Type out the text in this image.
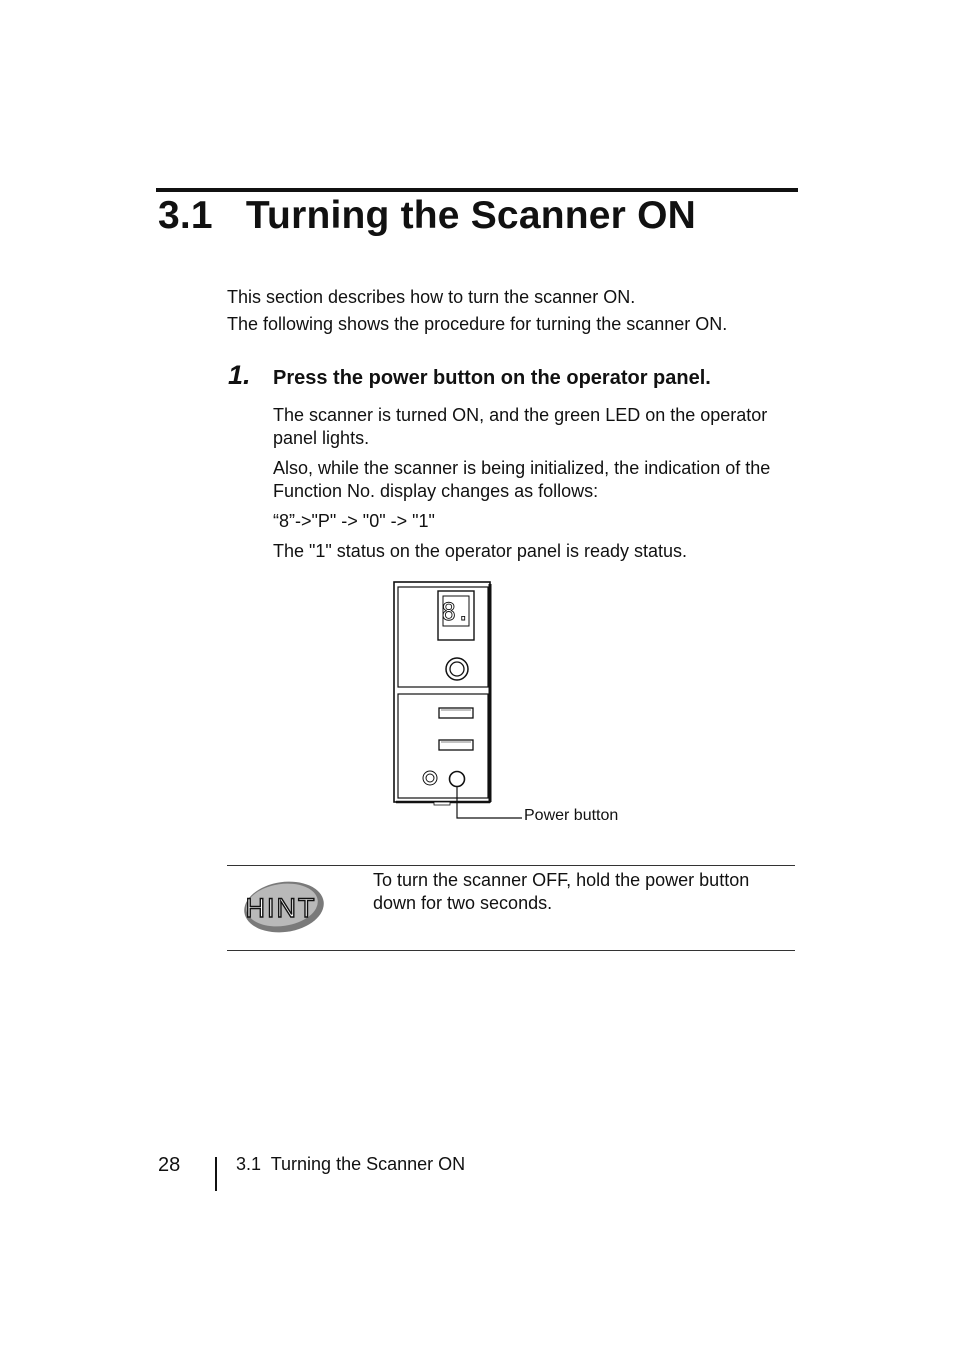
3.1   Turning the Scanner ON

This section describes how to turn the scanner ON.

The following shows the procedure for turning the scanner ON.

1. Press the power button on the operator panel.

The scanner is turned ON, and the green LED on the operator panel lights.

Also, while the scanner is being initialized, the indication of the Function No. display changes as follows:

“8”->"P" -> "0" -> "1"

The "1" status on the operator panel is ready status.

8.
Power button
HINT

To turn the scanner OFF, hold the power button down for two seconds.

28	3.1  Turning the Scanner ON
